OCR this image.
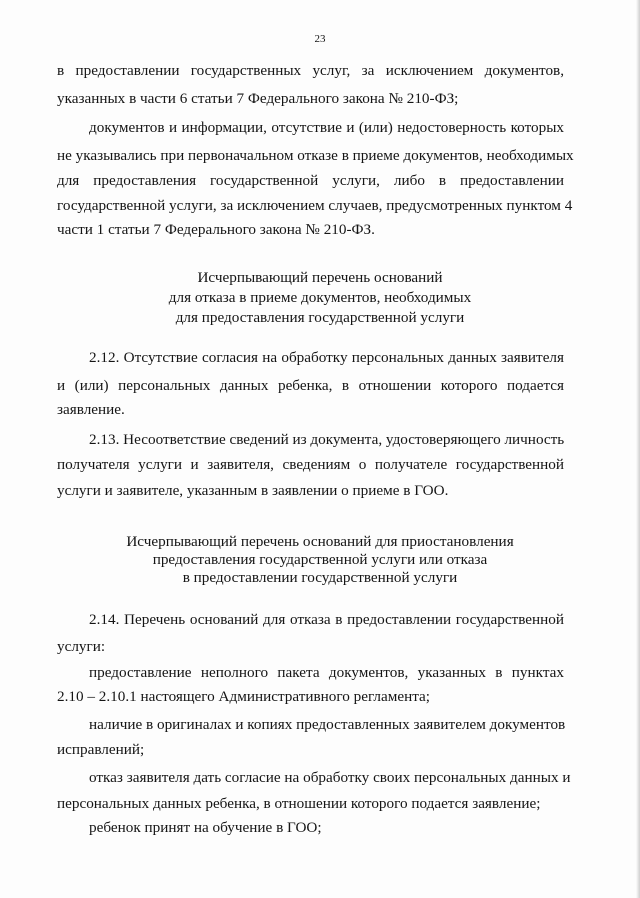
23
в предоставлении государственных услуг, за исключением документов,
указанных в части 6 статьи 7 Федерального закона № 210-ФЗ;
документов и информации, отсутствие и (или) недостоверность которых
не указывались при первоначальном отказе в приеме документов, необходимых
для предоставления государственной услуги, либо в предоставлении
государственной услуги, за исключением случаев, предусмотренных пунктом 4
части 1 статьи 7 Федерального закона № 210-ФЗ.
Исчерпывающий перечень оснований
для отказа в приеме документов, необходимых
для предоставления государственной услуги
2.12. Отсутствие согласия на обработку персональных данных заявителя
и (или) персональных данных ребенка, в отношении которого подается
заявление.
2.13. Несоответствие сведений из документа, удостоверяющего личность
получателя услуги и заявителя, сведениям о получателе государственной
услуги и заявителе, указанным в заявлении о приеме в ГОО.
Исчерпывающий перечень оснований для приостановления
предоставления государственной услуги или отказа
в предоставлении государственной услуги
2.14. Перечень оснований для отказа в предоставлении государственной
услуги:
предоставление неполного пакета документов, указанных в пунктах
2.10 – 2.10.1 настоящего Административного регламента;
наличие в оригиналах и копиях предоставленных заявителем документов
исправлений;
отказ заявителя дать согласие на обработку своих персональных данных и
персональных данных ребенка, в отношении которого подается заявление;
ребенок принят на обучение в ГОО;
